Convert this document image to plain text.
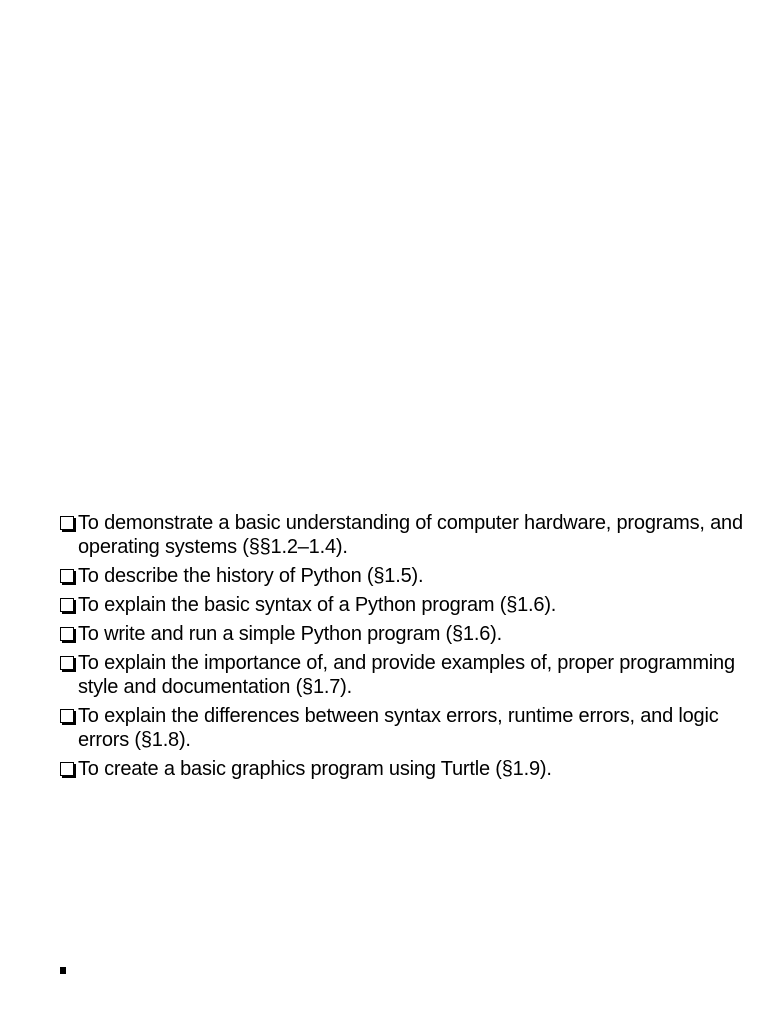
To demonstrate a basic understanding of computer hardware, programs, and operating systems (§§1.2–1.4).
To describe the history of Python (§1.5).
To explain the basic syntax of a Python program (§1.6).
To write and run a simple Python program (§1.6).
To explain the importance of, and provide examples of, proper programming style and documentation (§1.7).
To explain the differences between syntax errors, runtime errors, and logic errors (§1.8).
To create a basic graphics program using Turtle (§1.9).
